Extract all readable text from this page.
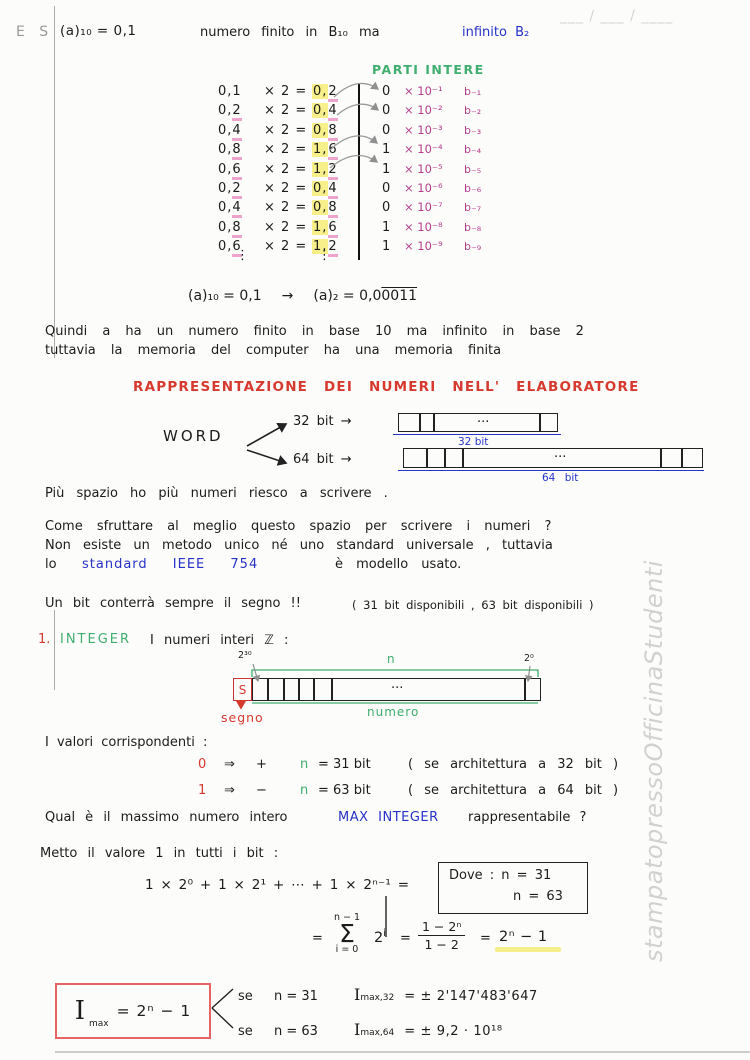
___ / ___ / ____
E S (a)₁₀ = 0,1	numero finito in B₁₀ ma	infinito B₂
PARTI INTERE
0,1	× 2 = 0,2	0	× 10⁻¹	b₋₁
0,2	× 2 = 0,4	0	× 10⁻²	b₋₂
0,4	× 2 = 0,8	0	× 10⁻³	b₋₃
0,8	× 2 = 1,6	1	× 10⁻⁴	b₋₄
0,6	× 2 = 1,2	1	× 10⁻⁵	b₋₅
0,2	× 2 = 0,4	0	× 10⁻⁶	b₋₆
0,4	× 2 = 0,8	0	× 10⁻⁷	b₋₇
0,8	× 2 = 1,6	1	× 10⁻⁸	b₋₈
0,6	× 2 = 1,2	1	× 10⁻⁹	b₋₉
⋮	⋮
(a)₁₀ = 0,1 → (a)₂ = 0,00011
Quindi a ha un numero finito in base 10 ma infinito in base 2
tuttavia la memoria del computer ha una memoria finita
RAPPRESENTAZIONE DEI NUMERI NELL' ELABORATORE
WORD
32 bit →
64 bit →
...
32 bit
...
64 bit
Più spazio ho più numeri riesco a scrivere .
Come sfruttare al meglio questo spazio per scrivere i numeri ?
Non esiste un metodo unico né uno standard universale , tuttavia
lo standard IEEE 754	è modello usato.
Un bit conterrà sempre il segno !!	( 31 bit disponibili , 63 bit disponibili )
1. INTEGER I numeri interi ℤ :
2³⁰	n	2⁰
S	...
segno	numero
I valori corrispondenti :
0	⇒	+	n = 31 bit	( se architettura a 32 bit )
1	⇒	−	n = 63 bit	( se architettura a 64 bit )
Qual è il massimo numero intero	MAX INTEGER rappresentabile ?
Metto il valore 1 in tutti i bit :
1 × 2⁰ + 1 × 2¹ + ⋯ + 1 × 2ⁿ⁻¹ =
Dove : n = 31
n = 63
=
n − 1
Σ
i = 0
$2^i = \frac{\text{1 − 2ⁿ}}{1 - 2} = 2^n - 1$
I $_{max}$
= 2ⁿ − 1
se	n = 31	$I_{max,32}$ = ± 2'147'483'647
se	n = 63	$I_{max,64}$ = ± 9,2 · 10¹⁸
stampatopressoOfficinaStudenti
